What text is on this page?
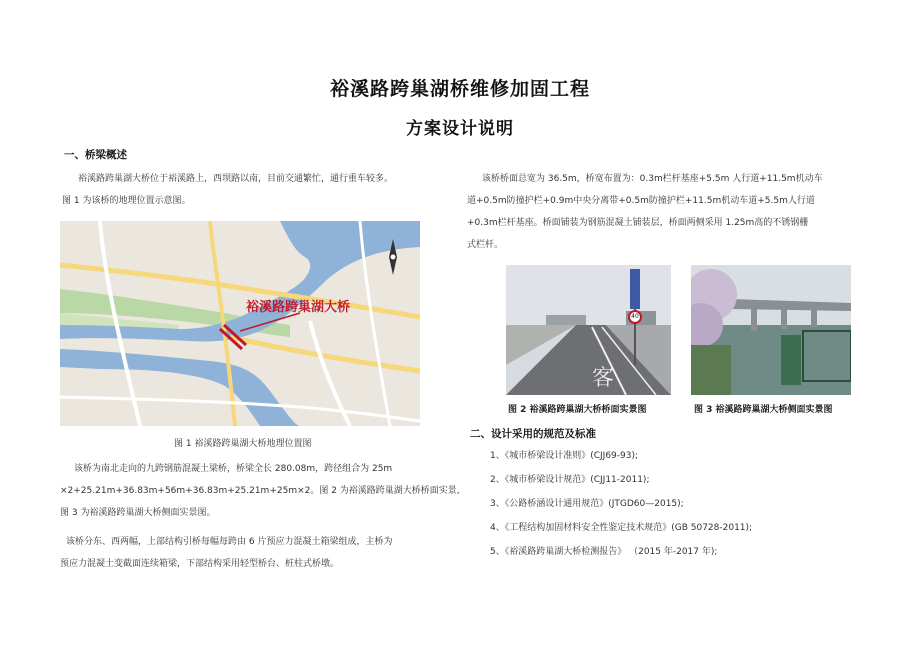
裕溪路跨巢湖桥维修加固工程
方案设计说明
一、桥梁概述
裕溪路跨巢湖大桥位于裕溪路上，西坝路以南，目前交通繁忙，通行重车较多。
图 1 为该桥的地理位置示意图。
裕溪路跨巢湖大桥
图 1 裕溪路跨巢湖大桥地理位置图
该桥为南北走向的九跨钢筋混凝土梁桥，桥梁全长 280.08m，跨径组合为 25m
×2+25.21m+36.83m+56m+36.83m+25.21m+25m×2。图 2 为裕溪路跨巢湖大桥桥面实景,
图 3 为裕溪路跨巢湖大桥侧面实景图。
该桥分东、西两幅，上部结构引桥每幅每跨由 6 片预应力混凝土箱梁组成，主桥为
预应力混凝土变截面连续箱梁，下部结构采用轻型桥台、桩柱式桥墩。
该桥桥面总宽为 36.5m，桥宽布置为：0.3m栏杆基座+5.5m 人行道+11.5m机动车
道+0.5m防撞护栏+0.9m中央分离带+0.5m防撞护栏+11.5m机动车道+5.5m人行道
+0.3m栏杆基座。桥面铺装为钢筋混凝土铺装层，桥面两侧采用 1.25m高的不锈钢栅
式栏杆。
客
40
图 2 裕溪路跨巢湖大桥桥面实景图	图 3 裕溪路跨巢湖大桥侧面实景图
二、设计采用的规范及标准
1、《城市桥梁设计准则》(CJJ69-93);
2、《城市桥梁设计规范》(CJJ11-2011);
3、《公路桥涵设计通用规范》(JTGD60—2015);
4、《工程结构加固材料安全性鉴定技术规范》(GB 50728-2011);
5、《裕溪路跨巢湖大桥检测报告》 （2015 年-2017 年);
